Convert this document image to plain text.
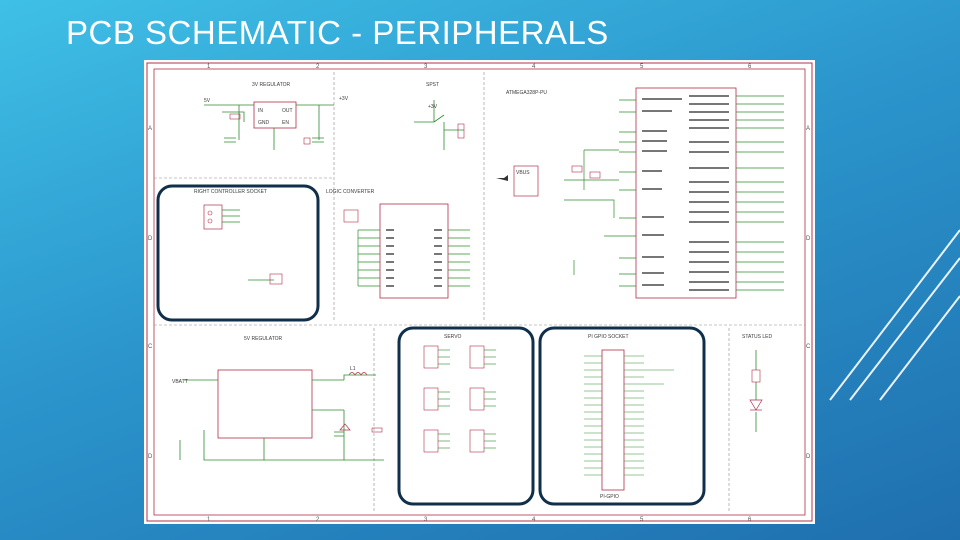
PCB SCHEMATIC - PERIPHERALS
1	2	3	4	5	6
1	2	3	4	5	6
A
D
C
D
A
D
C
D
3V REGULATOR
IN	OUT
GND	EN
5V	+3V
SPST
+3V
ATMEGA328P-PU
VBUS
RIGHT CONTROLLER SOCKET	LOGIC CONVERTER
5V REGULATOR
VBATT
L1
SERVO	PI GPIO SOCKET
PI-GPIO
STATUS LED
